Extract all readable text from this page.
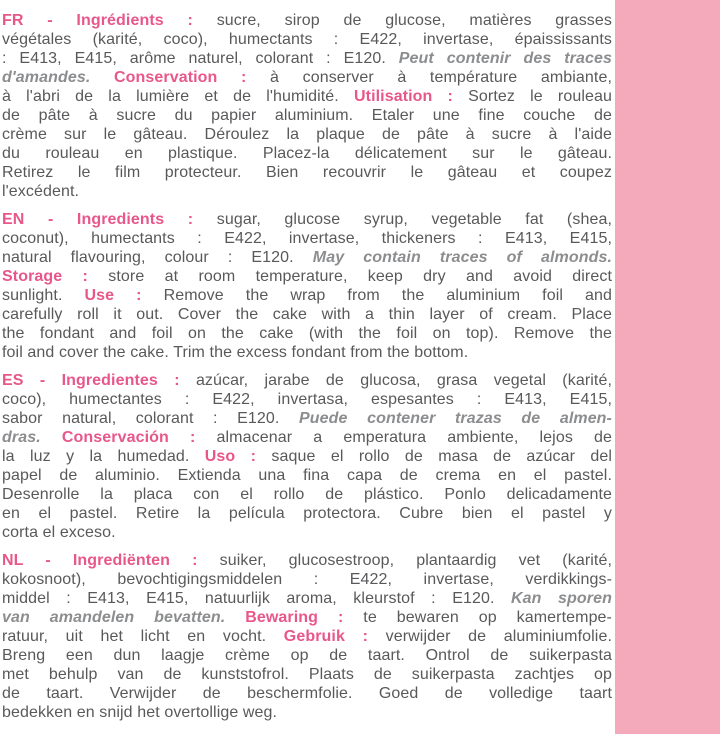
FR - Ingrédients : sucre, sirop de glucose, matières grasses
végétales (karité, coco), humectants : E422, invertase, épaississants
: E413, E415, arôme naturel, colorant : E120. Peut contenir des traces
d'amandes. Conservation : à conserver à température ambiante,
à l'abri de la lumière et de l'humidité. Utilisation : Sortez le rouleau
de pâte à sucre du papier aluminium. Etaler une fine couche de
crème sur le gâteau. Déroulez la plaque de pâte à sucre à l'aide
du rouleau en plastique. Placez-la délicatement sur le gâteau.
Retirez le film protecteur. Bien recouvrir le gâteau et coupez
l'excédent.
EN - Ingredients : sugar, glucose syrup, vegetable fat (shea,
coconut), humectants : E422, invertase, thickeners : E413, E415,
natural flavouring, colour : E120. May contain traces of almonds.
Storage : store at room temperature, keep dry and avoid direct
sunlight. Use : Remove the wrap from the aluminium foil and
carefully roll it out. Cover the cake with a thin layer of cream. Place
the fondant and foil on the cake (with the foil on top). Remove the
foil and cover the cake. Trim the excess fondant from the bottom.
ES - Ingredientes : azúcar, jarabe de glucosa, grasa vegetal (karité,
coco), humectantes : E422, invertasa, espesantes : E413, E415,
sabor natural, colorant : E120. Puede contener trazas de almen-
dras. Conservación : almacenar a emperatura ambiente, lejos de
la luz y la humedad. Uso : saque el rollo de masa de azúcar del
papel de aluminio. Extienda una fina capa de crema en el pastel.
Desenrolle la placa con el rollo de plástico. Ponlo delicadamente
en el pastel. Retire la película protectora. Cubre bien el pastel y
corta el exceso.
NL - Ingrediënten : suiker, glucosestroop, plantaardig vet (karité,
kokosnoot), bevochtigingsmiddelen : E422, invertase, verdikkings-
middel : E413, E415, natuurlijk aroma, kleurstof : E120. Kan sporen
van amandelen bevatten. Bewaring : te bewaren op kamertempe-
ratuur, uit het licht en vocht. Gebruik : verwijder de aluminiumfolie.
Breng een dun laagje crème op de taart. Ontrol de suikerpasta
met behulp van de kunststofrol. Plaats de suikerpasta zachtjes op
de taart. Verwijder de beschermfolie. Goed de volledige taart
bedekken en snijd het overtollige weg.
